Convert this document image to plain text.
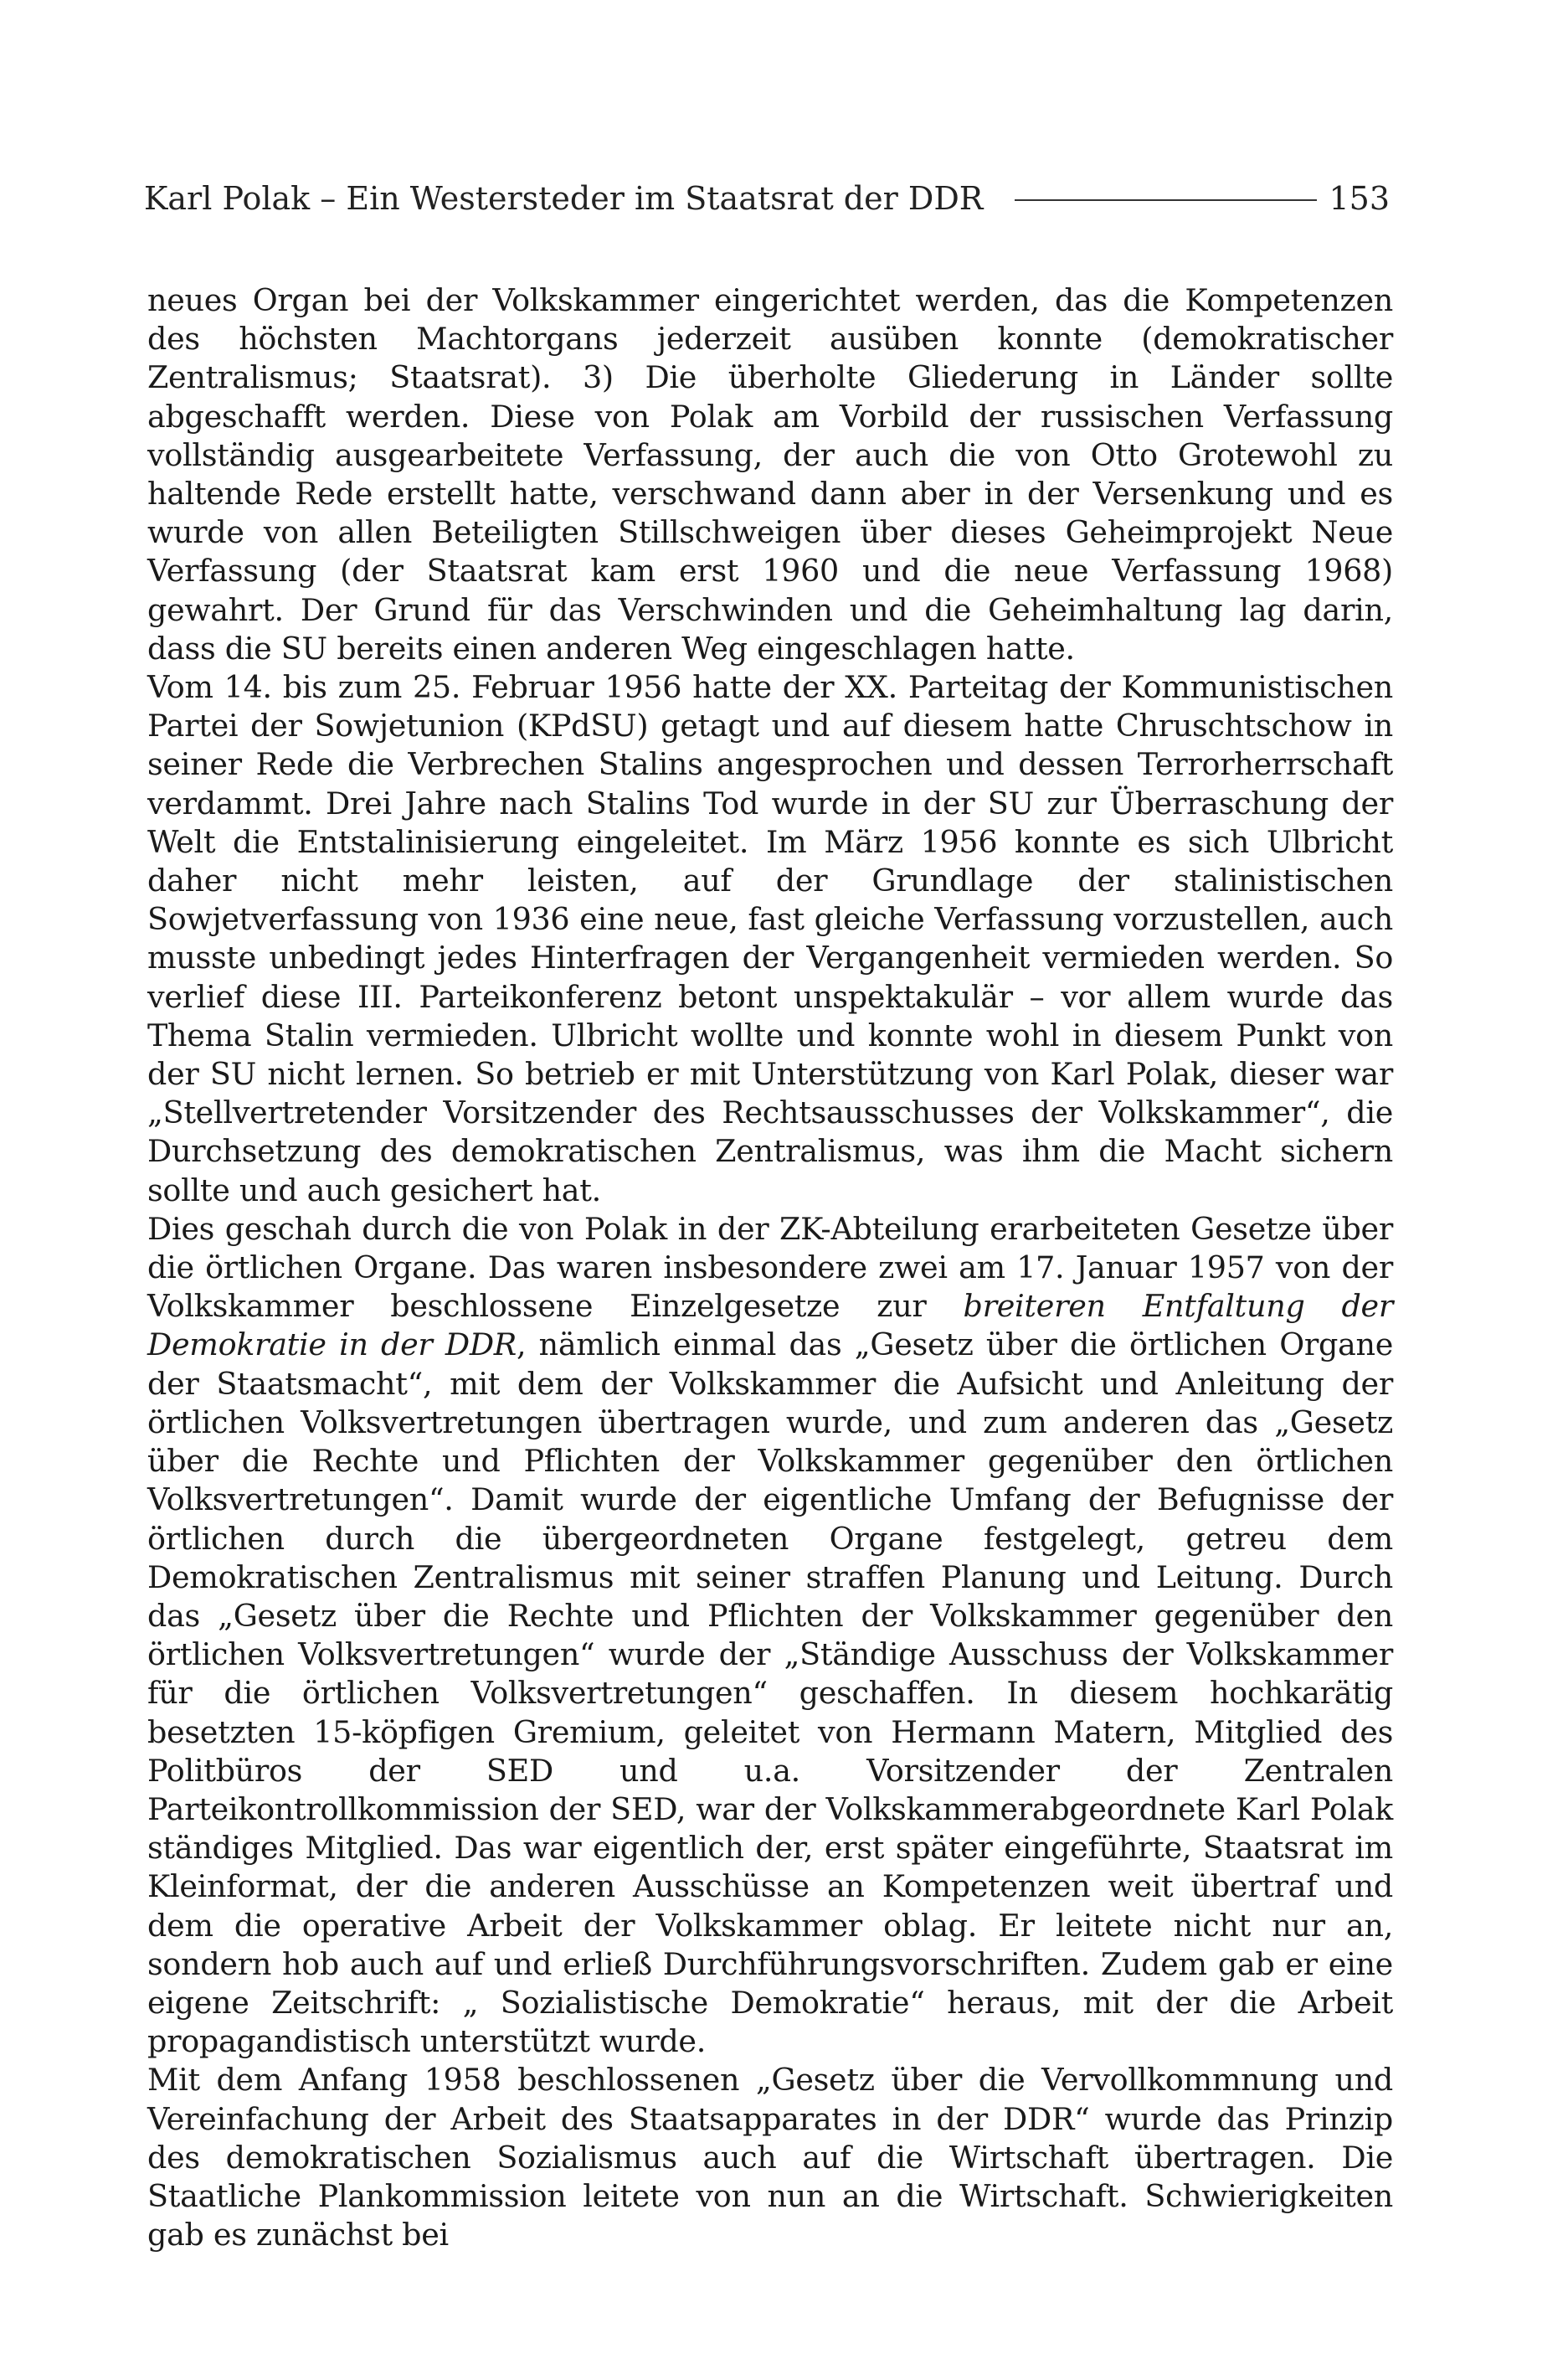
Karl Polak – Ein Westersteder im Staatsrat der DDR	153

neues Organ bei der Volkskammer eingerichtet werden, das die Kompetenzen des höchsten Machtorgans jederzeit ausüben konnte (demokratischer Zentralismus; Staatsrat). 3) Die überholte Gliederung in Länder sollte abgeschafft werden. Diese von Polak am Vorbild der russischen Verfassung vollständig ausgearbeitete Verfassung, der auch die von Otto Grotewohl zu haltende Rede erstellt hatte, verschwand dann aber in der Versenkung und es wurde von allen Beteiligten Stillschweigen über dieses Geheimprojekt Neue Verfassung (der Staatsrat kam erst 1960 und die neue Verfassung 1968) gewahrt. Der Grund für das Verschwinden und die Geheimhaltung lag darin, dass die SU bereits einen anderen Weg eingeschlagen hatte.

Vom 14. bis zum 25. Februar 1956 hatte der XX. Parteitag der Kommunistischen Partei der Sowjetunion (KPdSU) getagt und auf diesem hatte Chruschtschow in seiner Rede die Verbrechen Stalins angesprochen und dessen Terrorherrschaft verdammt. Drei Jahre nach Stalins Tod wurde in der SU zur Überraschung der Welt die Entstalinisierung eingeleitet. Im März 1956 konnte es sich Ulbricht daher nicht mehr leisten, auf der Grundlage der stalinistischen Sowjetverfassung von 1936 eine neue, fast gleiche Verfassung vorzustellen, auch musste unbedingt jedes Hinterfragen der Vergangenheit vermieden werden. So verlief diese III. Parteikonferenz betont unspektakulär – vor allem wurde das Thema Stalin vermieden. Ulbricht wollte und konnte wohl in diesem Punkt von der SU nicht lernen. So betrieb er mit Unterstützung von Karl Polak, dieser war „Stellvertretender Vorsitzender des Rechtsausschusses der Volkskammer“, die Durchsetzung des demokratischen Zentralismus, was ihm die Macht sichern sollte und auch gesichert hat.

Dies geschah durch die von Polak in der ZK-Abteilung erarbeiteten Gesetze über die örtlichen Organe. Das waren insbesondere zwei am 17. Januar 1957 von der Volkskammer beschlossene Einzelgesetze zur breiteren Entfaltung der Demokratie in der DDR, nämlich einmal das „Gesetz über die örtlichen Organe der Staatsmacht“, mit dem der Volkskammer die Aufsicht und Anleitung der örtlichen Volksvertretungen übertragen wurde, und zum anderen das „Gesetz über die Rechte und Pflichten der Volkskammer gegenüber den örtlichen Volksvertretungen“. Damit wurde der eigentliche Umfang der Befugnisse der örtlichen durch die übergeordneten Organe festgelegt, getreu dem Demokratischen Zentralismus mit seiner straffen Planung und Leitung. Durch das „Gesetz über die Rechte und Pflichten der Volkskammer gegenüber den örtlichen Volksvertretungen“ wurde der „Ständige Ausschuss der Volkskammer für die örtlichen Volksvertretungen“ geschaffen. In diesem hochkarätig besetzten 15-köpfigen Gremium, geleitet von Hermann Matern, Mitglied des Politbüros der SED und u.a. Vorsitzender der Zentralen Parteikontrollkommission der SED, war der Volkskammerabgeordnete Karl Polak ständiges Mitglied. Das war eigentlich der, erst später eingeführte, Staatsrat im Kleinformat, der die anderen Ausschüsse an Kompetenzen weit übertraf und dem die operative Arbeit der Volkskammer oblag. Er leitete nicht nur an, sondern hob auch auf und erließ Durchführungsvorschriften. Zudem gab er eine eigene Zeitschrift: „ Sozialistische Demokratie“ heraus, mit der die Arbeit propagandistisch unterstützt wurde.

Mit dem Anfang 1958 beschlossenen „Gesetz über die Vervollkommnung und Vereinfachung der Arbeit des Staatsapparates in der DDR“ wurde das Prinzip des demokratischen Sozialismus auch auf die Wirtschaft übertragen. Die Staatliche Plankommission leitete von nun an die Wirtschaft. Schwierigkeiten gab es zunächst bei
